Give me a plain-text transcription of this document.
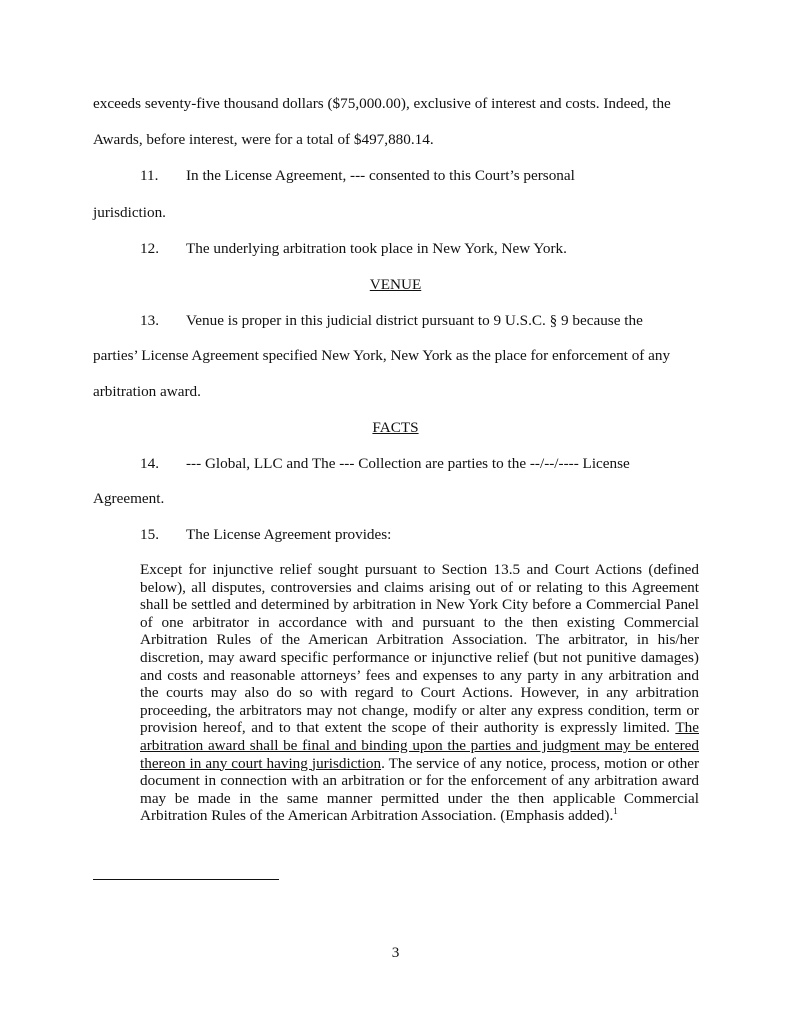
exceeds seventy-five thousand dollars ($75,000.00), exclusive of interest and costs. Indeed, the
Awards, before interest, were for a total of $497,880.14.
11. In the License Agreement, --- consented to this Court’s personal
jurisdiction.
12. The underlying arbitration took place in New York, New York.
VENUE
13. Venue is proper in this judicial district pursuant to 9 U.S.C. § 9 because the
parties’ License Agreement specified New York, New York as the place for enforcement of any
arbitration award.
FACTS
14. --- Global, LLC and The --- Collection are parties to the --/--/---- License
Agreement.
15. The License Agreement provides:
Except for injunctive relief sought pursuant to Section 13.5 and Court Actions (defined below), all disputes, controversies and claims arising out of or relating to this Agreement shall be settled and determined by arbitration in New York City before a Commercial Panel of one arbitrator in accordance with and pursuant to the then existing Commercial Arbitration Rules of the American Arbitration Association. The arbitrator, in his/her discretion, may award specific performance or injunctive relief (but not punitive damages) and costs and reasonable attorneys’ fees and expenses to any party in any arbitration and the courts may also do so with regard to Court Actions. However, in any arbitration proceeding, the arbitrators may not change, modify or alter any express condition, term or provision hereof, and to that extent the scope of their authority is expressly limited. The arbitration award shall be final and binding upon the parties and judgment may be entered thereon in any court having jurisdiction. The service of any notice, process, motion or other document in connection with an arbitration or for the enforcement of any arbitration award may be made in the same manner permitted under the then applicable Commercial Arbitration Rules of the American Arbitration Association. (Emphasis added).$^1$
3
